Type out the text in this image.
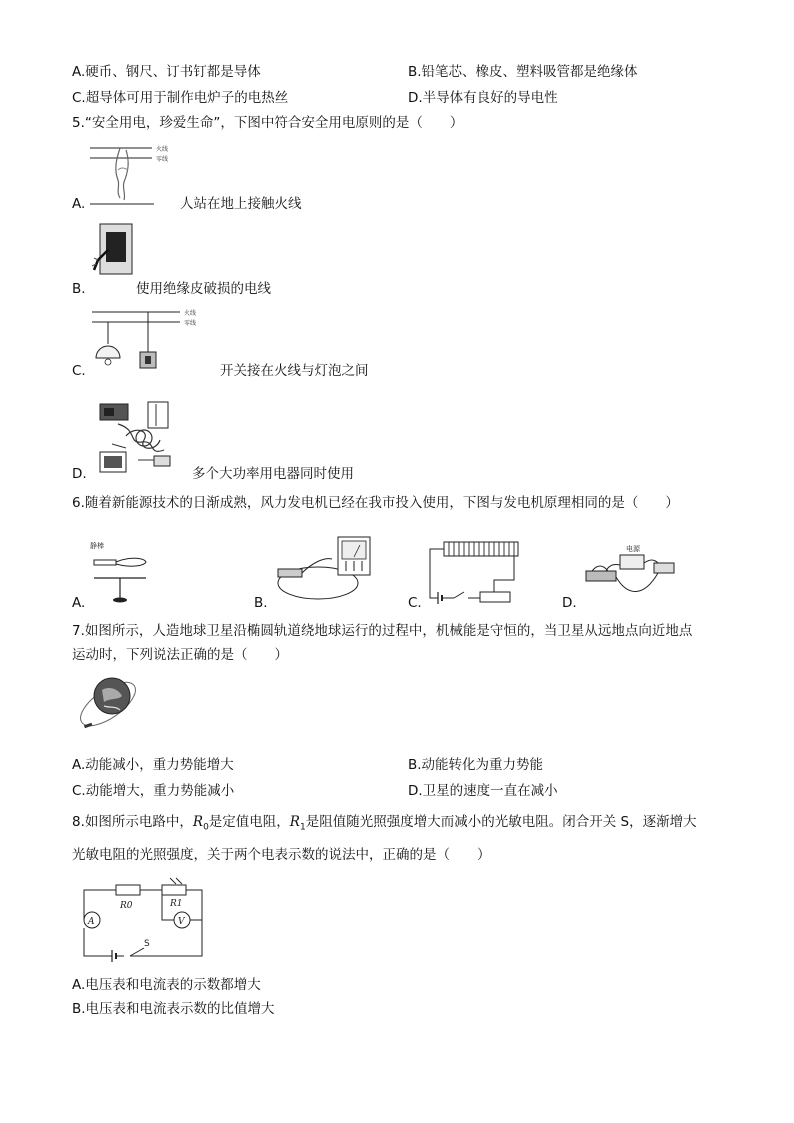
A.硬币、钢尺、订书钉都是导体	B.铅笔芯、橡皮、塑料吸管都是绝缘体
C.超导体可用于制作电炉子的电热丝	D.半导体有良好的导电性
5.“安全用电，珍爱生命”，下图中符合安全用电原则的是（　　）
火线
零线
A.	人站在地上接触火线
B.	使用绝缘皮破损的电线
火线
零线
C.	开关接在火线与灯泡之间
D.	多个大功率用电器同时使用
6.随着新能源技术的日渐成熟，风力发电机已经在我市投入使用，下图与发电机原理相同的是（　　）
静棒
A.	B.	C.
电源
D.
7.如图所示，人造地球卫星沿椭圆轨道绕地球运行的过程中，机械能是守恒的，当卫星从远地点向近地点
运动时，下列说法正确的是（　　）
A.动能减小，重力势能增大	B.动能转化为重力势能
C.动能增大，重力势能减小	D.卫星的速度一直在减小
8.如图所示电路中，$R_0$是定值电阻，$R_1$是阻值随光照强度增大而减小的光敏电阻。闭合开关 S，逐渐增大
光敏电阻的光照强度，关于两个电表示数的说法中，正确的是（　　）
R0	R1
V
A
S
A.电压表和电流表的示数都增大
B.电压表和电流表示数的比值增大
